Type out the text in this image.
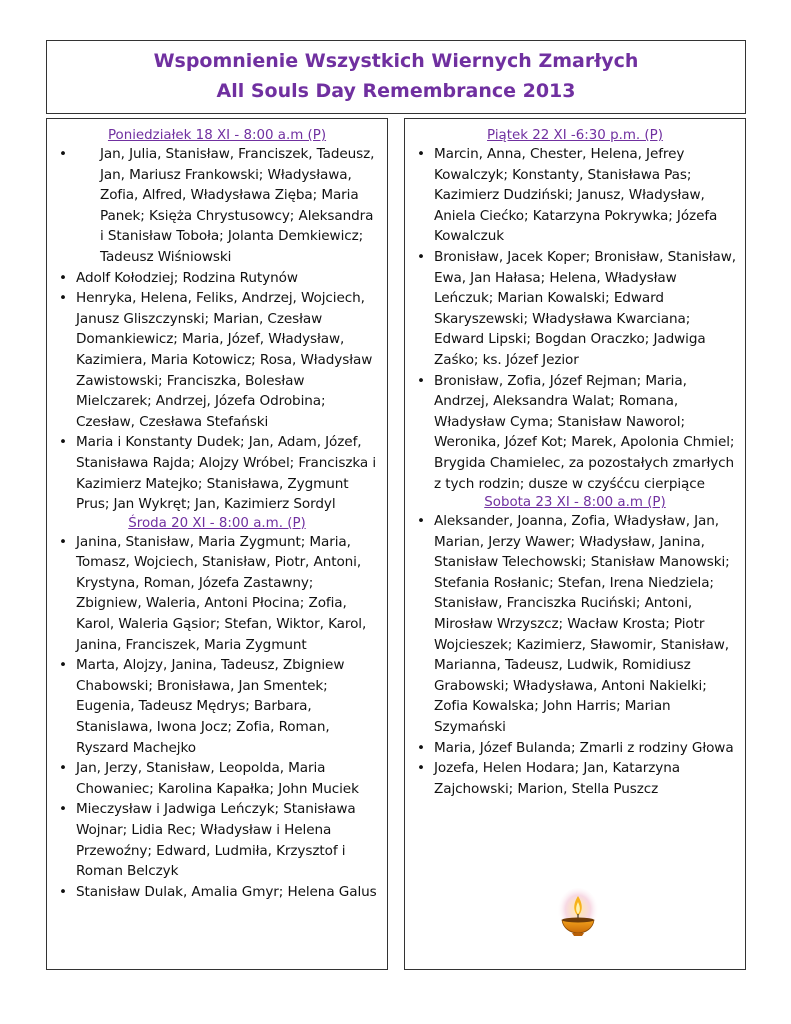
Wspomnienie Wszystkich Wiernych Zmarłych
All Souls Day Remembrance 2013
Poniedziałek 18 XI - 8:00 a.m (P)
• Jan, Julia, Stanisław, Franciszek, Tadeusz, Jan, Mariusz Frankowski; Władysława, Zofia, Alfred, Władysława Zięba; Maria Panek; Księża Chrystusowcy; Aleksandra i Stanisław Toboła; Jolanta Demkiewicz; Tadeusz Wiśniowski
• Adolf Kołodziej; Rodzina Rutynów
• Henryka, Helena, Feliks, Andrzej, Wojciech, Janusz Gliszczynski; Marian, Czesław Domankiewicz; Maria, Józef, Władysław, Kazimiera, Maria Kotowicz; Rosa, Władysław Zawistowski; Franciszka, Bolesław Mielczarek; Andrzej, Józefa Odrobina; Czesław, Czesława Stefański
• Maria i Konstanty Dudek; Jan, Adam, Józef, Stanisława Rajda; Alojzy Wróbel; Franciszka i Kazimierz Matejko; Stanisława, Zygmunt Prus; Jan Wykręt; Jan, Kazimierz Sordyl
Środa 20 XI - 8:00 a.m. (P)
• Janina, Stanisław, Maria Zygmunt; Maria, Tomasz, Wojciech, Stanisław, Piotr, Antoni, Krystyna, Roman, Józefa Zastawny; Zbigniew, Waleria, Antoni Płocina; Zofia, Karol, Waleria Gąsior; Stefan, Wiktor, Karol, Janina, Franciszek, Maria Zygmunt
• Marta, Alojzy, Janina, Tadeusz, Zbigniew Chabowski; Bronisława, Jan Smentek; Eugenia, Tadeusz Mędrys; Barbara, Stanislawa, Iwona Jocz; Zofia, Roman, Ryszard Machejko
• Jan, Jerzy, Stanisław, Leopolda, Maria Chowaniec; Karolina Kapałka; John Muciek
• Mieczysław i Jadwiga Leńczyk; Stanisława Wojnar; Lidia Rec; Władysław i Helena Przewoźny; Edward, Ludmiła, Krzysztof i Roman Belczyk
• Stanisław Dulak, Amalia Gmyr; Helena Galus
Piątek 22 XI -6:30 p.m. (P)
• Marcin, Anna, Chester, Helena, Jefrey Kowalczyk; Konstanty, Stanisława Pas; Kazimierz Dudziński; Janusz, Władysław, Aniela Ciećko; Katarzyna Pokrywka; Józefa Kowalczuk
• Bronisław, Jacek Koper; Bronisław, Stanisław, Ewa, Jan Hałasa; Helena, Władysław Leńczuk; Marian Kowalski; Edward Skaryszewski; Władysława Kwarciana; Edward Lipski; Bogdan Oraczko; Jadwiga Zaśko; ks. Józef Jezior
• Bronisław, Zofia, Józef Rejman; Maria, Andrzej, Aleksandra Walat; Romana, Władysław Cyma; Stanisław Naworol; Weronika, Józef Kot; Marek, Apolonia Chmiel; Brygida Chamielec, za pozostałych zmarłych z tych rodzin; dusze w czyśćcu cierpiące
Sobota 23 XI - 8:00 a.m (P)
• Aleksander, Joanna, Zofia, Władysław, Jan, Marian, Jerzy Wawer; Władysław, Janina, Stanisław Telechowski; Stanisław Manowski; Stefania Rosłanic; Stefan, Irena Niedziela; Stanisław, Franciszka Ruciński; Antoni, Mirosław Wrzyszcz; Wacław Krosta; Piotr Wojcieszek; Kazimierz, Sławomir, Stanisław, Marianna, Tadeusz, Ludwik, Romidiusz Grabowski; Władysława, Antoni Nakielki; Zofia Kowalska; John Harris; Marian Szymański
• Maria, Józef Bulanda; Zmarli z rodziny Głowa
• Jozefa, Helen Hodara; Jan, Katarzyna Zajchowski; Marion, Stella Puszcz
